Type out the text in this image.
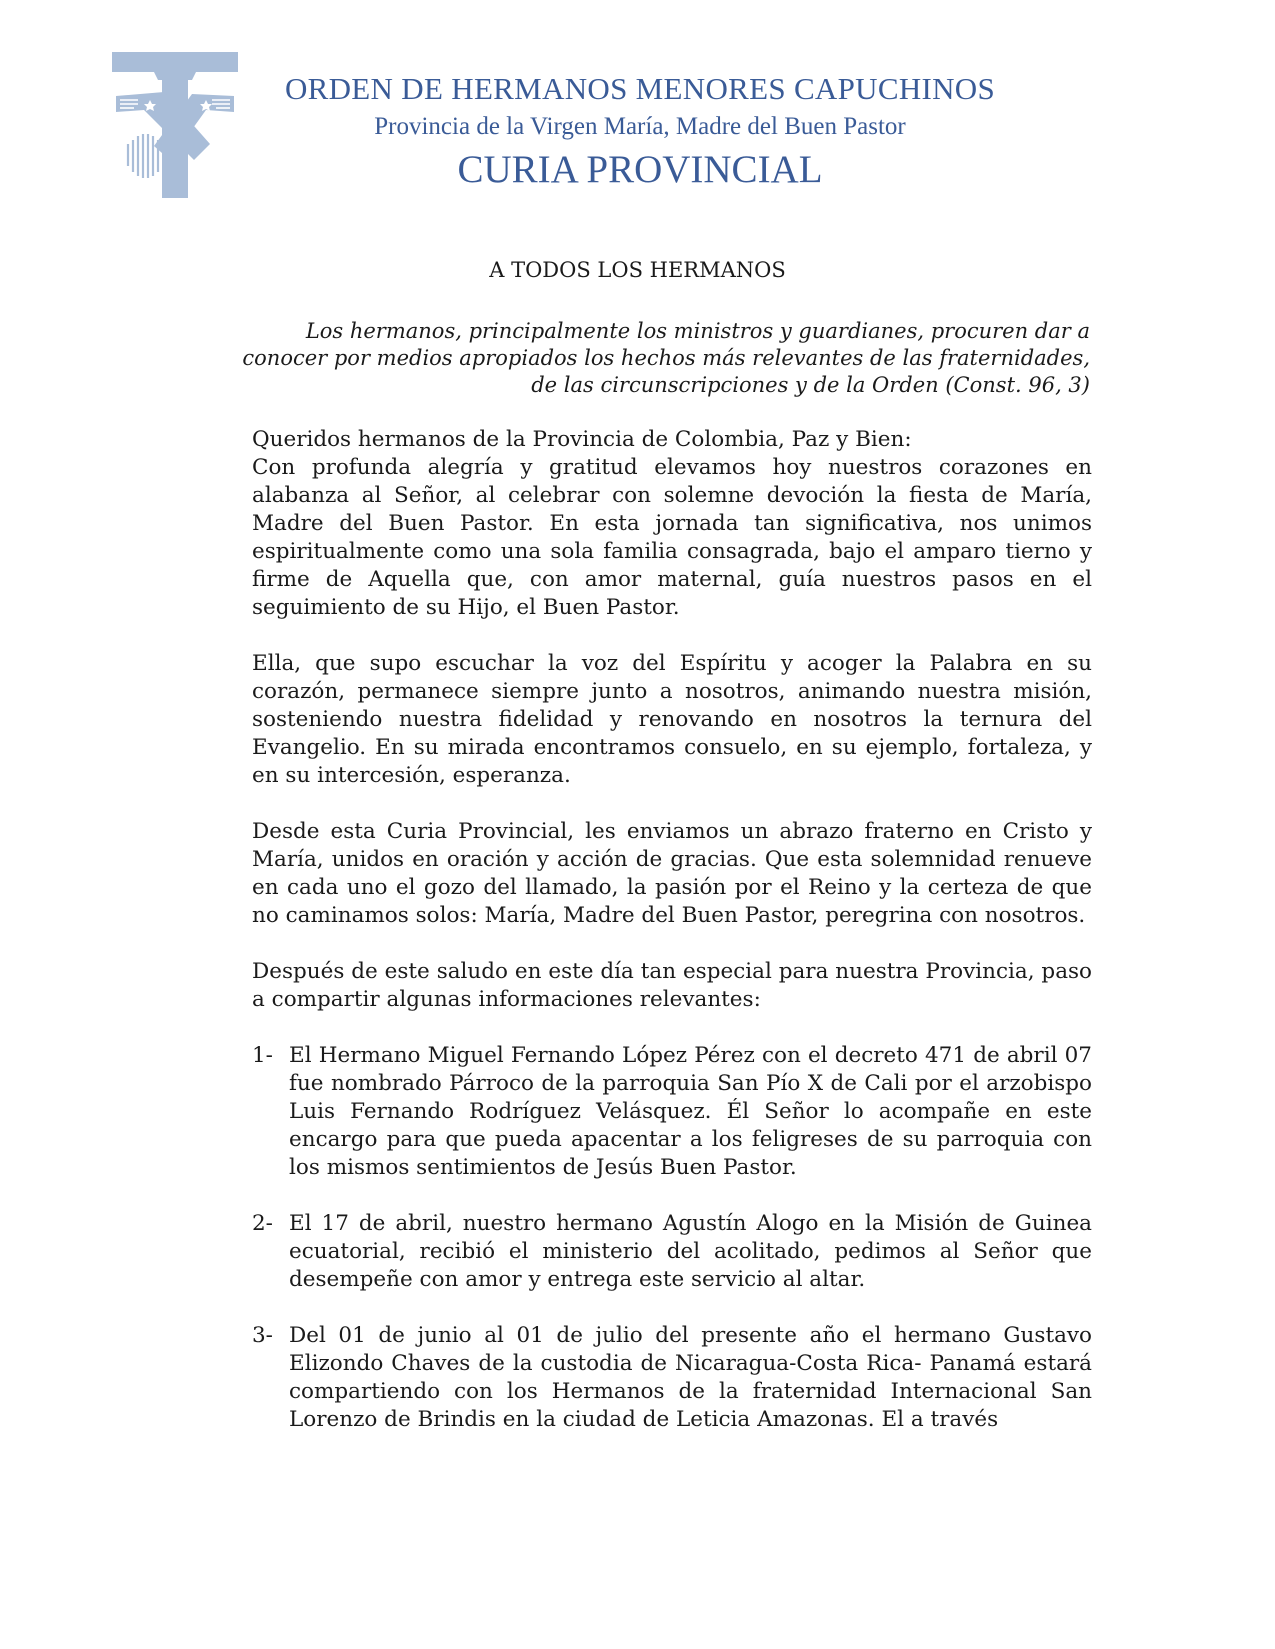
ORDEN DE HERMANOS MENORES CAPUCHINOS
Provincia de la Virgen María, Madre del Buen Pastor
CURIA PROVINCIAL
A TODOS LOS HERMANOS
Los hermanos, principalmente los ministros y guardianes, procuren dar a
conocer por medios apropiados los hechos más relevantes de las fraternidades,
de las circunscripciones y de la Orden (Const. 96, 3)

Queridos hermanos de la Provincia de Colombia, Paz y Bien:

Con profunda alegría y gratitud elevamos hoy nuestros corazones en alabanza al Señor, al celebrar con solemne devoción la fiesta de María, Madre del Buen Pastor. En esta jornada tan significativa, nos unimos espiritualmente como una sola familia consagrada, bajo el amparo tierno y firme de Aquella que, con amor maternal, guía nuestros pasos en el seguimiento de su Hijo, el Buen Pastor.

Ella, que supo escuchar la voz del Espíritu y acoger la Palabra en su corazón, permanece siempre junto a nosotros, animando nuestra misión, sosteniendo nuestra fidelidad y renovando en nosotros la ternura del Evangelio. En su mirada encontramos consuelo, en su ejemplo, fortaleza, y en su intercesión, esperanza.

Desde esta Curia Provincial, les enviamos un abrazo fraterno en Cristo y María, unidos en oración y acción de gracias. Que esta solemnidad renueve en cada uno el gozo del llamado, la pasión por el Reino y la certeza de que no caminamos solos: María, Madre del Buen Pastor, peregrina con nosotros.

Después de este saludo en este día tan especial para nuestra Provincia, paso a compartir algunas informaciones relevantes:

1- El Hermano Miguel Fernando López Pérez con el decreto 471 de abril 07 fue nombrado Párroco de la parroquia San Pío X de Cali por el arzobispo Luis Fernando Rodríguez Velásquez. Él Señor lo acompañe en este encargo para que pueda apacentar a los feligreses de su parroquia con los mismos sentimientos de Jesús Buen Pastor.
2- El 17 de abril, nuestro hermano Agustín Alogo en la Misión de Guinea ecuatorial, recibió el ministerio del acolitado, pedimos al Señor que desempeñe con amor y entrega este servicio al altar.
3- Del 01 de junio al 01 de julio del presente año el hermano Gustavo Elizondo Chaves de la custodia de Nicaragua-Costa Rica- Panamá estará compartiendo con los Hermanos de la fraternidad Internacional San Lorenzo de Brindis en la ciudad de Leticia Amazonas. El a través
